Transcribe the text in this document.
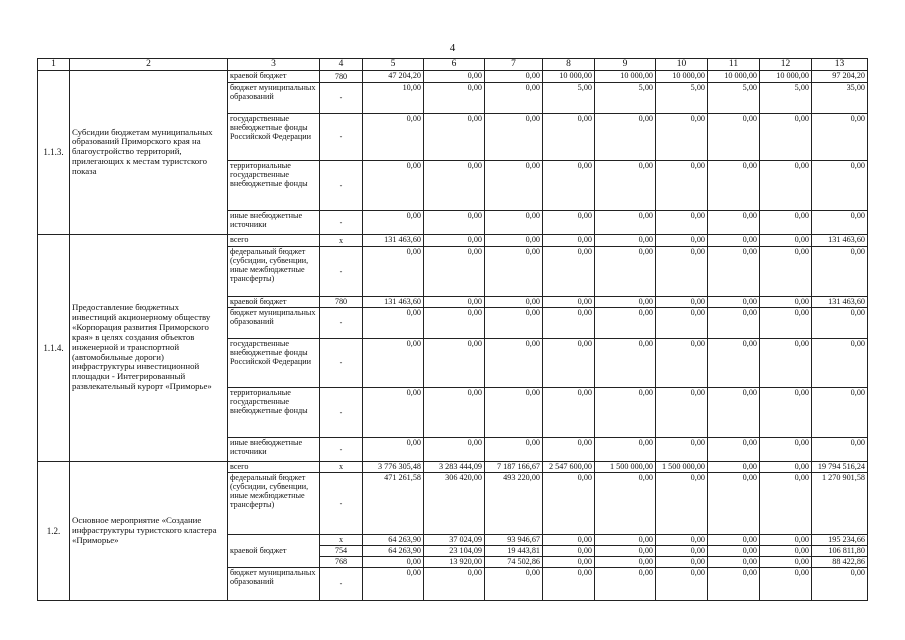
4
1	2	3	4	5	6	7	8	9	10	11	12	13
1.1.3.	Субсидии бюджетам муниципальных образований Приморского края на благоустройство территорий, прилегающих к местам туристского показа	краевой бюджет	780	47 204,20	0,00	0,00	10 000,00	10 000,00	10 000,00	10 000,00	10 000,00	97 204,20
		бюджет муниципальных образований	-	10,00	0,00	0,00	5,00	5,00	5,00	5,00	5,00	35,00
		государственные внебюджетные фонды Российской Федерации	-	0,00	0,00	0,00	0,00	0,00	0,00	0,00	0,00	0,00
		территориальные государственные внебюджетные фонды	-	0,00	0,00	0,00	0,00	0,00	0,00	0,00	0,00	0,00
		иные внебюджетные источники	-	0,00	0,00	0,00	0,00	0,00	0,00	0,00	0,00	0,00
1.1.4.	Предоставление бюджетных инвестиций акционерному обществу «Корпорация развития Приморского края» в целях создания объектов инженерной и транспортной (автомобильные дороги) инфраструктуры инвестиционной площадки - Интегрированный развлекательный курорт «Приморье»	всего	x	131 463,60	0,00	0,00	0,00	0,00	0,00	0,00	0,00	131 463,60
		федеральный бюджет (субсидии, субвенции, иные межбюджетные трансферты)	-	0,00	0,00	0,00	0,00	0,00	0,00	0,00	0,00	0,00
		краевой бюджет	780	131 463,60	0,00	0,00	0,00	0,00	0,00	0,00	0,00	131 463,60
		бюджет муниципальных образований	-	0,00	0,00	0,00	0,00	0,00	0,00	0,00	0,00	0,00
		государственные внебюджетные фонды Российской Федерации	-	0,00	0,00	0,00	0,00	0,00	0,00	0,00	0,00	0,00
		территориальные государственные внебюджетные фонды	-	0,00	0,00	0,00	0,00	0,00	0,00	0,00	0,00	0,00
		иные внебюджетные источники	-	0,00	0,00	0,00	0,00	0,00	0,00	0,00	0,00	0,00
1.2.	Основное мероприятие «Создание инфраструктуры туристского кластера «Приморье»	всего	x	3 776 305,48	3 283 444,09	7 187 166,67	2 547 600,00	1 500 000,00	1 500 000,00	0,00	0,00	19 794 516,24
		федеральный бюджет (субсидии, субвенции, иные межбюджетные трансферты)	-	471 261,58	306 420,00	493 220,00	0,00	0,00	0,00	0,00	0,00	1 270 901,58
		краевой бюджет	x	64 263,90	37 024,09	93 946,67	0,00	0,00	0,00	0,00	0,00	195 234,66
			754	64 263,90	23 104,09	19 443,81	0,00	0,00	0,00	0,00	0,00	106 811,80
			768	0,00	13 920,00	74 502,86	0,00	0,00	0,00	0,00	0,00	88 422,86
		бюджет муниципальных образований	-	0,00	0,00	0,00	0,00	0,00	0,00	0,00	0,00	0,00
